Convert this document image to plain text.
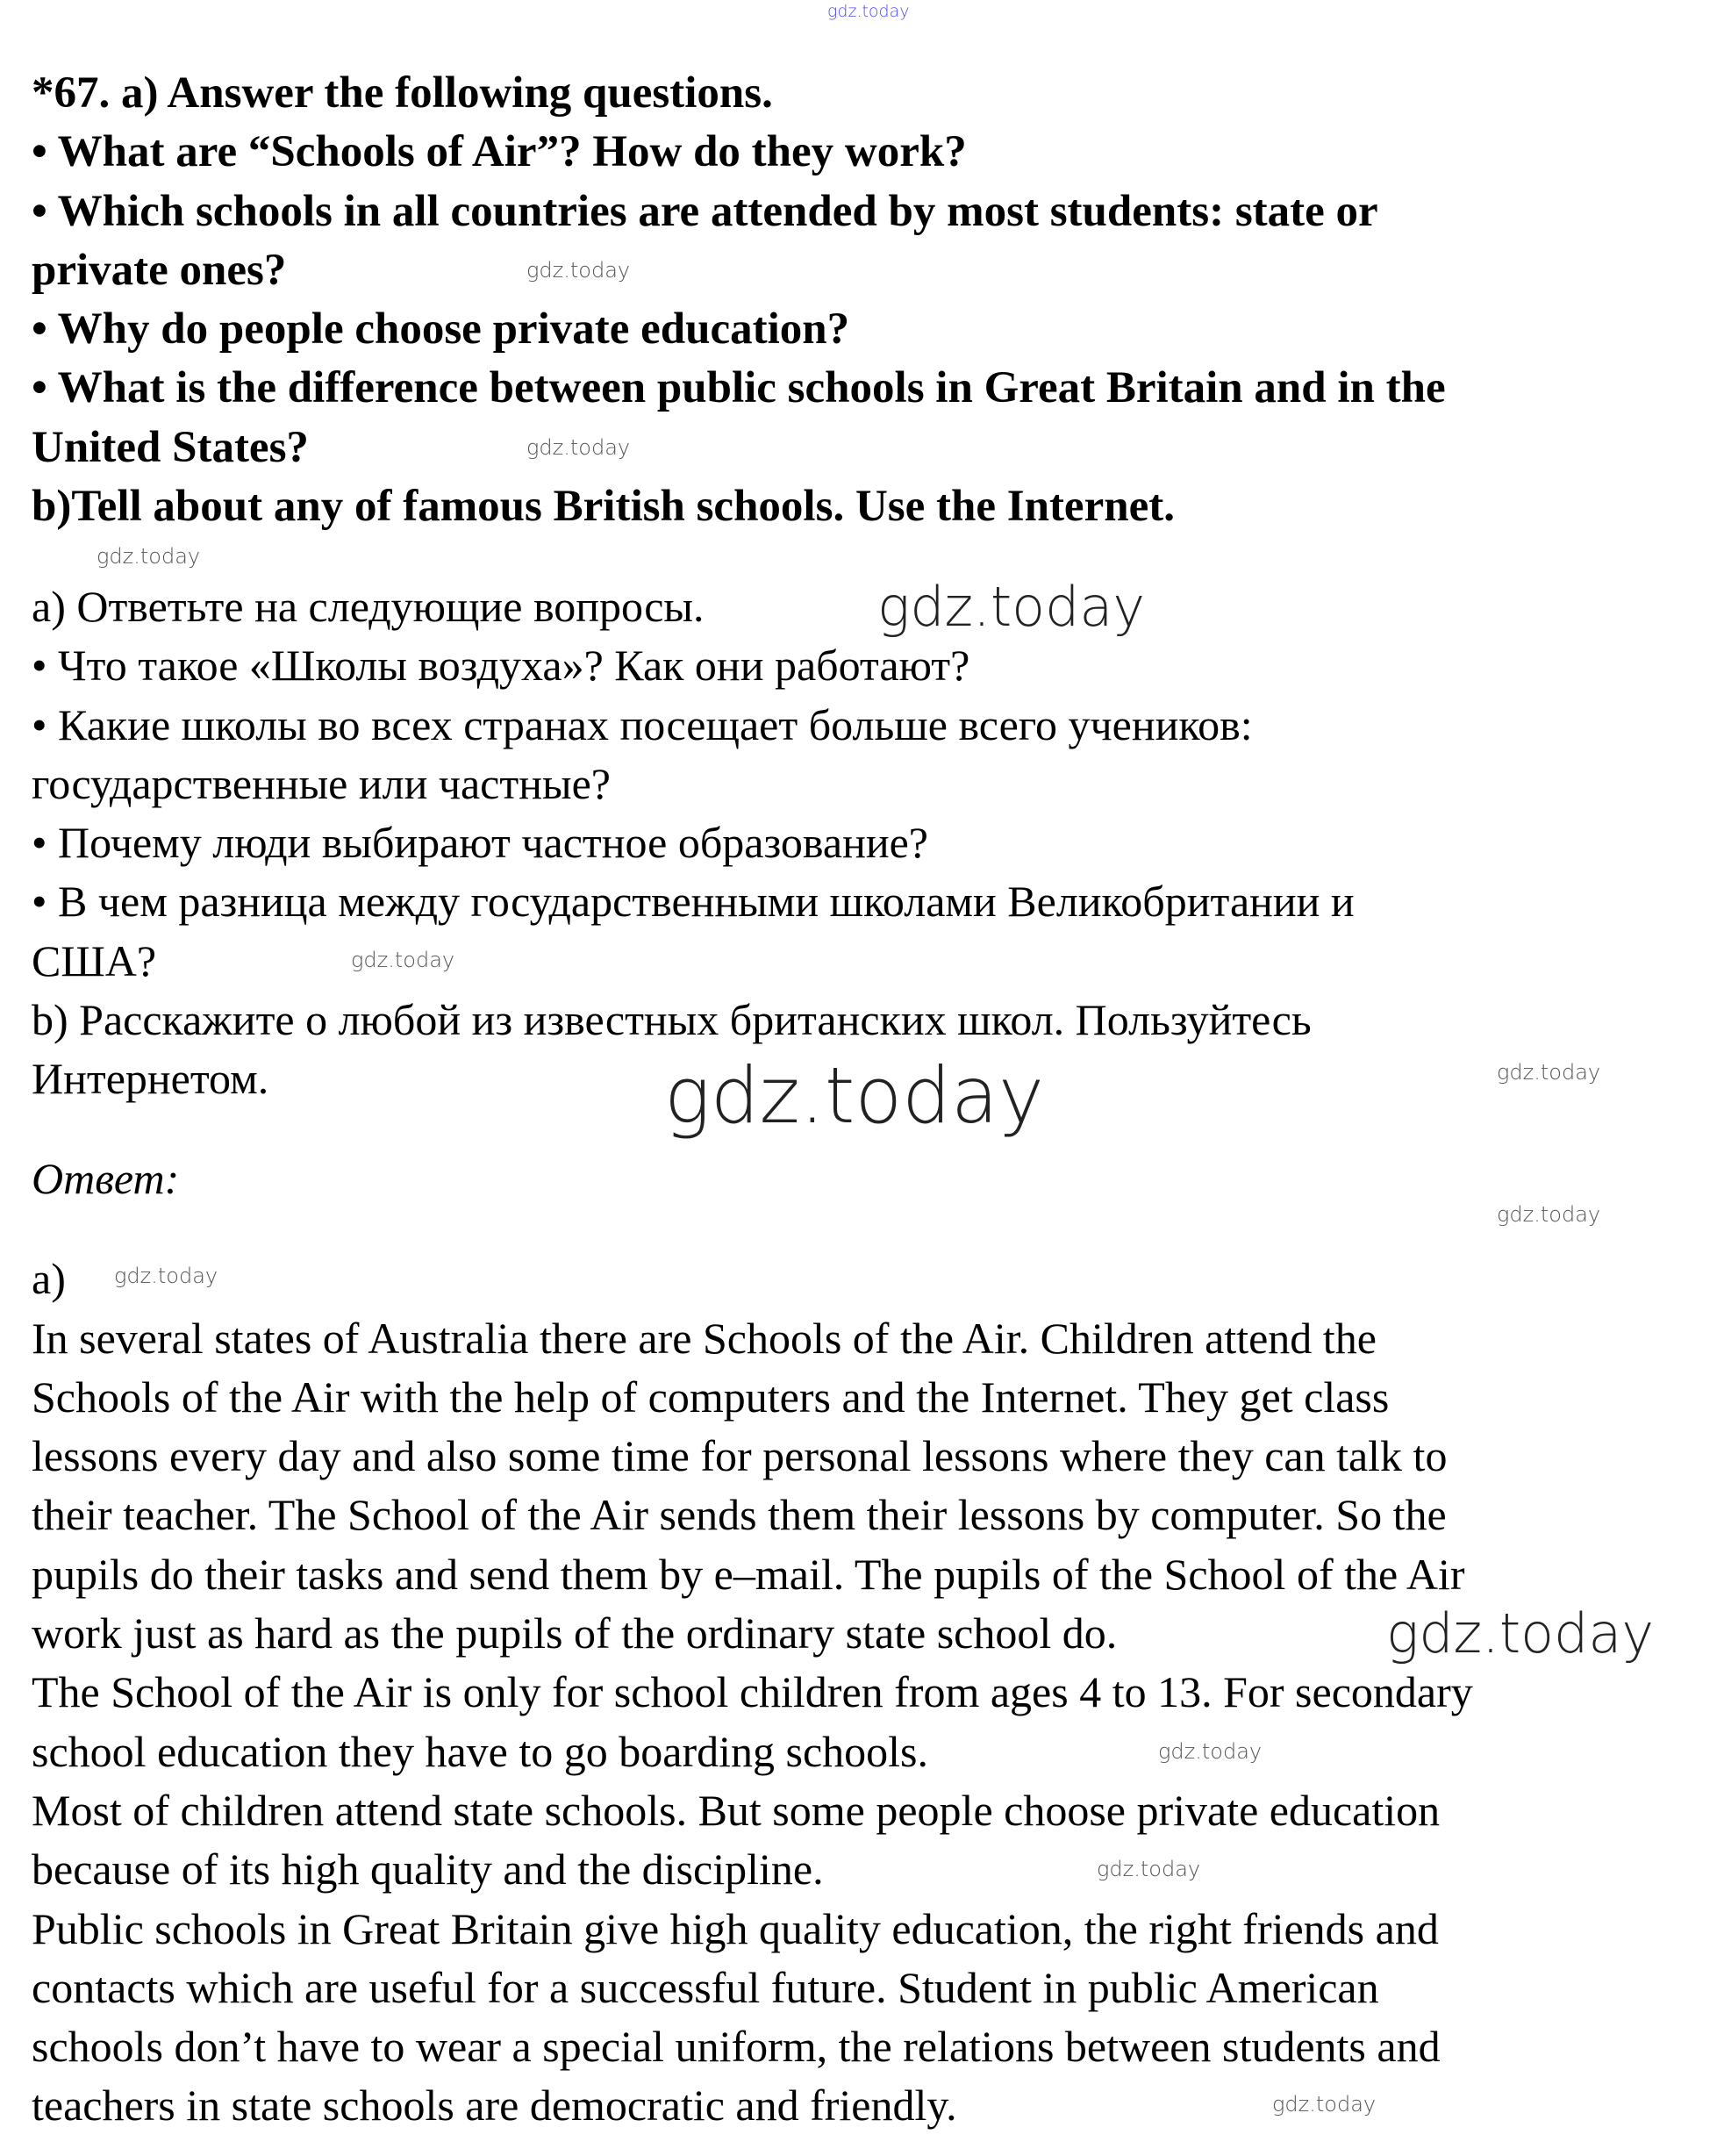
*67. a) Answer the following questions.
• What are “Schools of Air”? How do they work?
• Which schools in all countries are attended by most students: state or
private ones?
• Why do people choose private education?
• What is the difference between public schools in Great Britain and in the
United States?
b)Tell about any of famous British schools. Use the Internet.
a) Ответьте на следующие вопросы.
• Что такое «Школы воздуха»? Как они работают?
• Какие школы во всех странах посещает больше всего учеников:
государственные или частные?
• Почему люди выбирают частное образование?
• В чем разница между государственными школами Великобритании и
США?
b) Расскажите о любой из известных британских школ. Пользуйтесь
Интернетом.
Ответ:
a)
In several states of Australia there are Schools of the Air. Children attend the
Schools of the Air with the help of computers and the Internet. They get class
lessons every day and also some time for personal lessons where they can talk to
their teacher. The School of the Air sends them their lessons by computer. So the
pupils do their tasks and send them by e–mail. The pupils of the School of the Air
work just as hard as the pupils of the ordinary state school do.
The School of the Air is only for school children from ages 4 to 13. For secondary
school education they have to go boarding schools.
Most of children attend state schools. But some people choose private education
because of its high quality and the discipline.
Public schools in Great Britain give high quality education, the right friends and
contacts which are useful for a successful future. Student in public American
schools don’t have to wear a special uniform, the relations between students and
teachers in state schools are democratic and friendly.
gdz.today
gdz.today
gdz.today
gdz.today
gdz.today
gdz.today
gdz.today	gdz.today
gdz.today
gdz.today
gdz.today
gdz.today
gdz.today
gdz.today
